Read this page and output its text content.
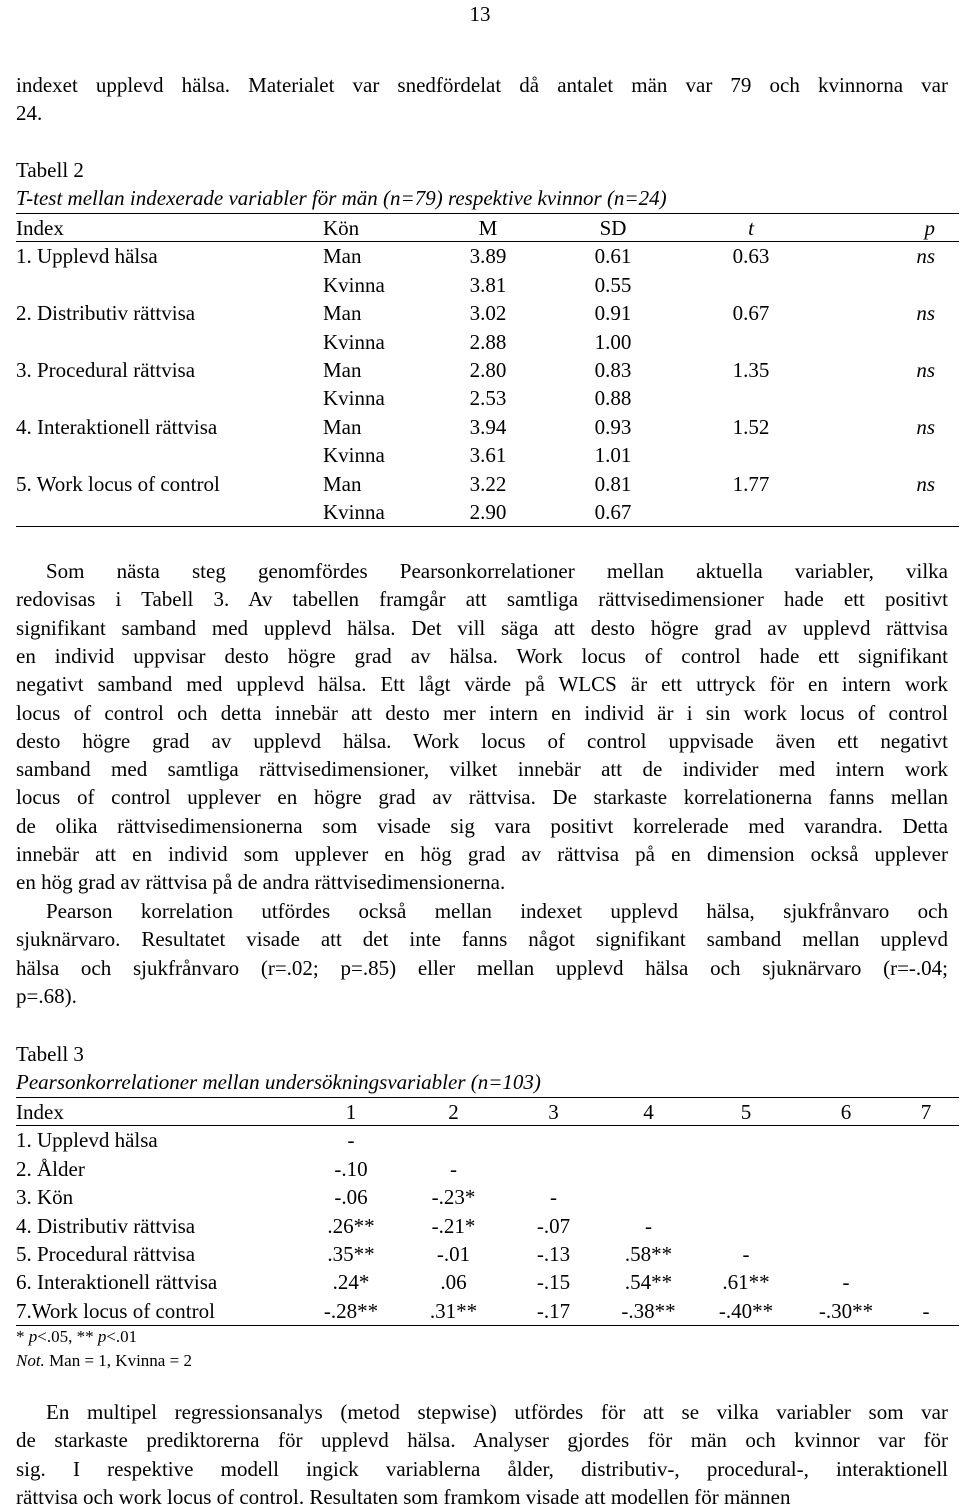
13
indexet upplevd hälsa. Materialet var snedfördelat då antalet män var 79 och kvinnorna var
24.
Tabell 2
T-test mellan indexerade variabler för män (n=79) respektive kvinnor (n=24)
Index	Kön	M	SD	t	p
1. Upplevd hälsa	Man	3.89	0.61	0.63	ns
	Kvinna	3.81	0.55		
2. Distributiv rättvisa	Man	3.02	0.91	0.67	ns
	Kvinna	2.88	1.00		
3. Procedural rättvisa	Man	2.80	0.83	1.35	ns
	Kvinna	2.53	0.88		
4. Interaktionell rättvisa	Man	3.94	0.93	1.52	ns
	Kvinna	3.61	1.01		
5. Work locus of control	Man	3.22	0.81	1.77	ns
	Kvinna	2.90	0.67		
Som nästa steg genomfördes Pearsonkorrelationer mellan aktuella variabler, vilka
redovisas i Tabell 3. Av tabellen framgår att samtliga rättvisedimensioner hade ett positivt
signifikant samband med upplevd hälsa. Det vill säga att desto högre grad av upplevd rättvisa
en individ uppvisar desto högre grad av hälsa. Work locus of control hade ett signifikant
negativt samband med upplevd hälsa. Ett lågt värde på WLCS är ett uttryck för en intern work
locus of control och detta innebär att desto mer intern en individ är i sin work locus of control
desto högre grad av upplevd hälsa. Work locus of control uppvisade även ett negativt
samband med samtliga rättvisedimensioner, vilket innebär att de individer med intern work
locus of control upplever en högre grad av rättvisa. De starkaste korrelationerna fanns mellan
de olika rättvisedimensionerna som visade sig vara positivt korrelerade med varandra. Detta
innebär att en individ som upplever en hög grad av rättvisa på en dimension också upplever
en hög grad av rättvisa på de andra rättvisedimensionerna.
Pearson korrelation utfördes också mellan indexet upplevd hälsa, sjukfrånvaro och
sjuknärvaro. Resultatet visade att det inte fanns något signifikant samband mellan upplevd
hälsa och sjukfrånvaro (r=.02; p=.85) eller mellan upplevd hälsa och sjuknärvaro (r=-.04;
p=.68).
Tabell 3
Pearsonkorrelationer mellan undersökningsvariabler (n=103)
Index	1	2	3	4	5	6	7
1. Upplevd hälsa	-						
2. Ålder	-.10	-					
3. Kön	-.06	-.23*	-				
4. Distributiv rättvisa	.26**	-.21*	-.07	-			
5. Procedural rättvisa	.35**	-.01	-.13	.58**	-		
6. Interaktionell rättvisa	.24*	.06	-.15	.54**	.61**	-	
7.Work locus of control	-.28**	.31**	-.17	-.38**	-.40**	-.30**	-
* p<.05, ** p<.01
Not. Man = 1, Kvinna = 2
En multipel regressionsanalys (metod stepwise) utfördes för att se vilka variabler som var
de starkaste prediktorerna för upplevd hälsa. Analyser gjordes för män och kvinnor var för
sig. I respektive modell ingick variablerna ålder, distributiv-, procedural-, interaktionell
rättvisa och work locus of control. Resultaten som framkom visade att modellen för männen
